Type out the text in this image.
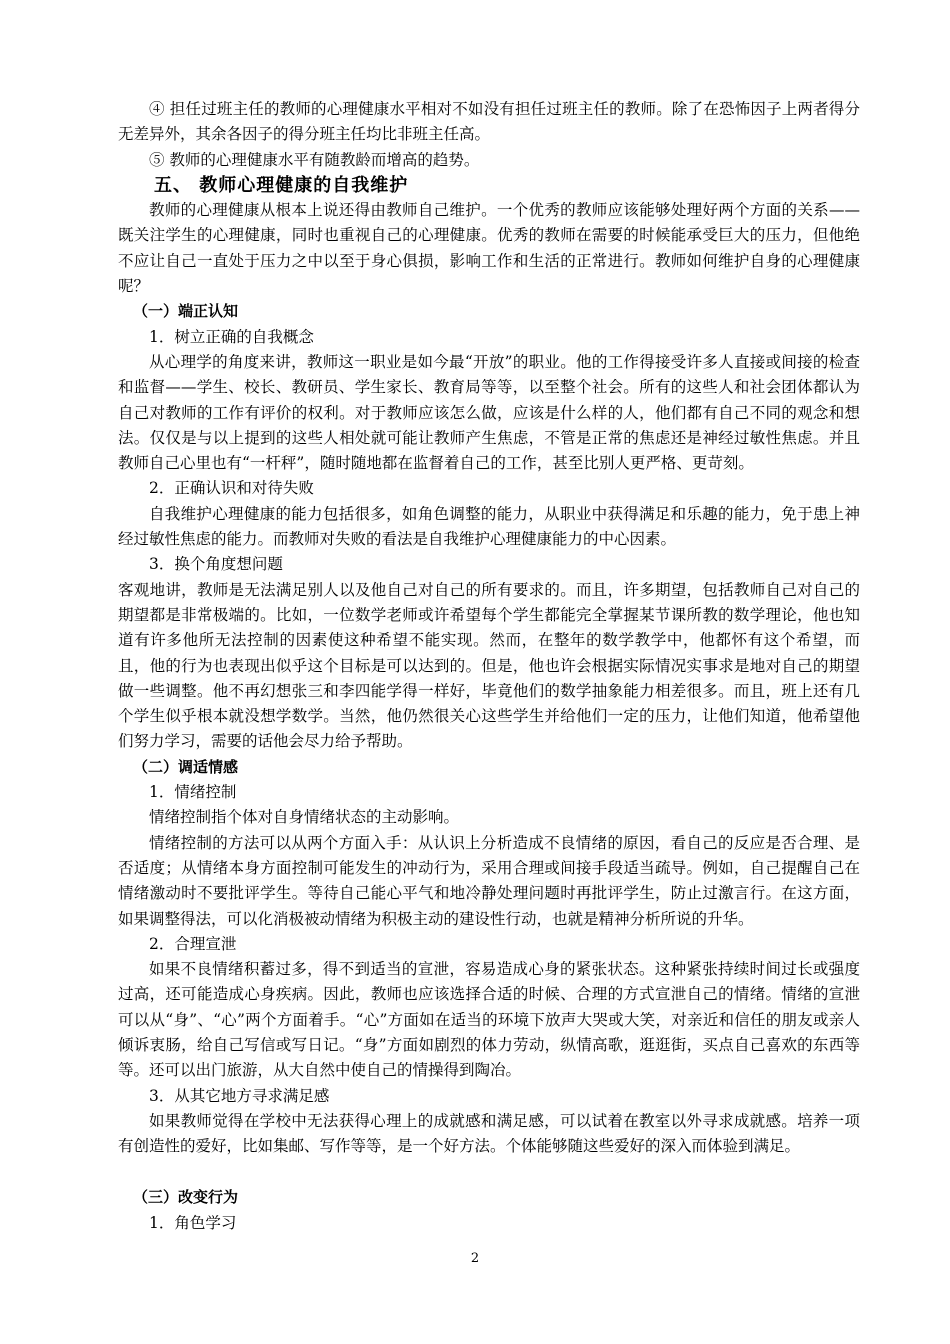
④ 担任过班主任的教师的心理健康水平相对不如没有担任过班主任的教师。除了在恐怖因子上两者得分无差异外，其余各因子的得分班主任均比非班主任高。

⑤ 教师的心理健康水平有随教龄而增高的趋势。

五、 教师心理健康的自我维护

教师的心理健康从根本上说还得由教师自己维护。一个优秀的教师应该能够处理好两个方面的关系——既关注学生的心理健康，同时也重视自己的心理健康。优秀的教师在需要的时候能承受巨大的压力，但他绝不应让自己一直处于压力之中以至于身心俱损，影响工作和生活的正常进行。教师如何维护自身的心理健康呢？

（一）端正认知

1．树立正确的自我概念

从心理学的角度来讲，教师这一职业是如今最“开放”的职业。他的工作得接受许多人直接或间接的检查和监督——学生、校长、教研员、学生家长、教育局等等，以至整个社会。所有的这些人和社会团体都认为自己对教师的工作有评价的权利。对于教师应该怎么做，应该是什么样的人，他们都有自己不同的观念和想法。仅仅是与以上提到的这些人相处就可能让教师产生焦虑，不管是正常的焦虑还是神经过敏性焦虑。并且教师自己心里也有“一杆秤”，随时随地都在监督着自己的工作，甚至比别人更严格、更苛刻。

2．正确认识和对待失败

自我维护心理健康的能力包括很多，如角色调整的能力，从职业中获得满足和乐趣的能力，免于患上神经过敏性焦虑的能力。而教师对失败的看法是自我维护心理健康能力的中心因素。

3．换个角度想问题

客观地讲，教师是无法满足别人以及他自己对自己的所有要求的。而且，许多期望，包括教师自己对自己的期望都是非常极端的。比如，一位数学老师或许希望每个学生都能完全掌握某节课所教的数学理论，他也知道有许多他所无法控制的因素使这种希望不能实现。然而，在整年的数学教学中，他都怀有这个希望，而且，他的行为也表现出似乎这个目标是可以达到的。但是，他也许会根据实际情况实事求是地对自己的期望做一些调整。他不再幻想张三和李四能学得一样好，毕竟他们的数学抽象能力相差很多。而且，班上还有几个学生似乎根本就没想学数学。当然，他仍然很关心这些学生并给他们一定的压力，让他们知道，他希望他们努力学习，需要的话他会尽力给予帮助。

（二）调适情感

1．情绪控制

情绪控制指个体对自身情绪状态的主动影响。

情绪控制的方法可以从两个方面入手：从认识上分析造成不良情绪的原因，看自己的反应是否合理、是否适度；从情绪本身方面控制可能发生的冲动行为，采用合理或间接手段适当疏导。例如，自己提醒自己在情绪激动时不要批评学生。等待自己能心平气和地冷静处理问题时再批评学生，防止过激言行。在这方面，如果调整得法，可以化消极被动情绪为积极主动的建设性行动，也就是精神分析所说的升华。

2．合理宣泄

如果不良情绪积蓄过多，得不到适当的宣泄，容易造成心身的紧张状态。这种紧张持续时间过长或强度过高，还可能造成心身疾病。因此，教师也应该选择合适的时候、合理的方式宣泄自己的情绪。情绪的宣泄可以从“身”、“心”两个方面着手。“心”方面如在适当的环境下放声大哭或大笑，对亲近和信任的朋友或亲人倾诉衷肠，给自己写信或写日记。“身”方面如剧烈的体力劳动，纵情高歌，逛逛街，买点自己喜欢的东西等等。还可以出门旅游，从大自然中使自己的情操得到陶冶。

3．从其它地方寻求满足感

如果教师觉得在学校中无法获得心理上的成就感和满足感，可以试着在教室以外寻求成就感。培养一项有创造性的爱好，比如集邮、写作等等，是一个好方法。个体能够随这些爱好的深入而体验到满足。

（三）改变行为

1．角色学习

2
